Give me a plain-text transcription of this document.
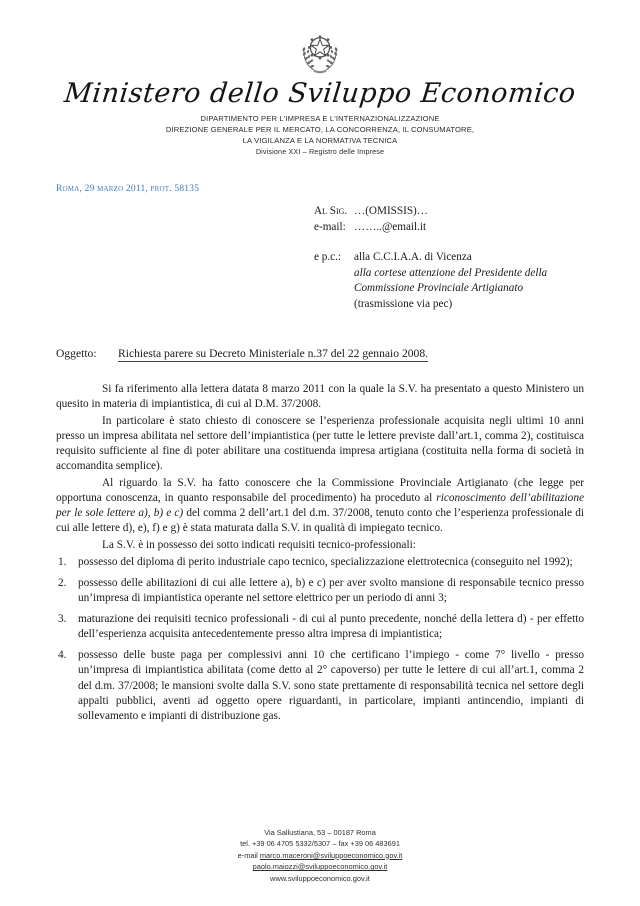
Ministero dello Sviluppo Economico
DIPARTIMENTO PER L'IMPRESA E L'INTERNAZIONALIZZAZIONE
DIREZIONE GENERALE PER IL MERCATO, LA CONCORRENZA, IL CONSUMATORE,
LA VIGILANZA E LA NORMATIVA TECNICA
Divisione XXI – Registro delle Imprese
Roma, 29 marzo 2011, prot. 58135
Al Sig. …(OMISSIS)…
e-mail: ……..@email.it
e p.c.:	alla C.C.I.A.A. di Vicenza
alla cortese attenzione del Presidente della
Commissione Provinciale Artigianato
(trasmissione via pec)
Oggetto:	Richiesta parere su Decreto Ministeriale n.37 del 22 gennaio 2008.

Si fa riferimento alla lettera datata 8 marzo 2011 con la quale la S.V. ha presentato a questo Ministero un quesito in materia di impiantistica, di cui al D.M. 37/2008.

In particolare è stato chiesto di conoscere se l’esperienza professionale acquisita negli ultimi 10 anni presso un impresa abilitata nel settore dell’impiantistica (per tutte le lettere previste dall’art.1, comma 2), costituisca requisito sufficiente al fine di poter abilitare una costituenda impresa artigiana (costituita nella forma di società in accomandita semplice).

Al riguardo la S.V. ha fatto conoscere che la Commissione Provinciale Artigianato (che legge per opportuna conoscenza, in quanto responsabile del procedimento) ha proceduto al riconoscimento dell’abilitazione per le sole lettere a), b) e c) del comma 2 dell’art.1 del d.m. 37/2008, tenuto conto che l’esperienza professionale di cui alle lettere d), e), f) e g) è stata maturata dalla S.V. in qualità di impiegato tecnico.

La S.V. è in possesso dei sotto indicati requisiti tecnico-professionali:

1.	possesso del diploma di perito industriale capo tecnico, specializzazione elettrotecnica (conseguito nel 1992);
2.	possesso delle abilitazioni di cui alle lettere a), b) e c) per aver svolto mansione di responsabile tecnico presso un’impresa di impiantistica operante nel settore elettrico per un periodo di anni 3;
3.	maturazione dei requisiti tecnico professionali - di cui al punto precedente, nonché della lettera d) - per effetto dell’esperienza acquisita antecedentemente presso altra impresa di impiantistica;
4.	possesso delle buste paga per complessivi anni 10 che certificano l’impiego - come 7° livello - presso un’impresa di impiantistica abilitata (come detto al 2° capoverso) per tutte le lettere di cui all’art.1, comma 2 del d.m. 37/2008; le mansioni svolte dalla S.V. sono state prettamente di responsabilità tecnica nel settore degli appalti pubblici, aventi ad oggetto opere riguardanti, in particolare, impianti antincendio, impianti di sollevamento e impianti di distribuzione gas.
Via Sallustiana, 53 – 00187 Roma
tel. +39 06 4705 5332/5307 – fax +39 06 483691
e-mail marco.maceroni@sviluppoeconomico.gov.it
paolo.maiozzi@sviluppoeconomico.gov.it
www.sviluppoeconomico.gov.it
